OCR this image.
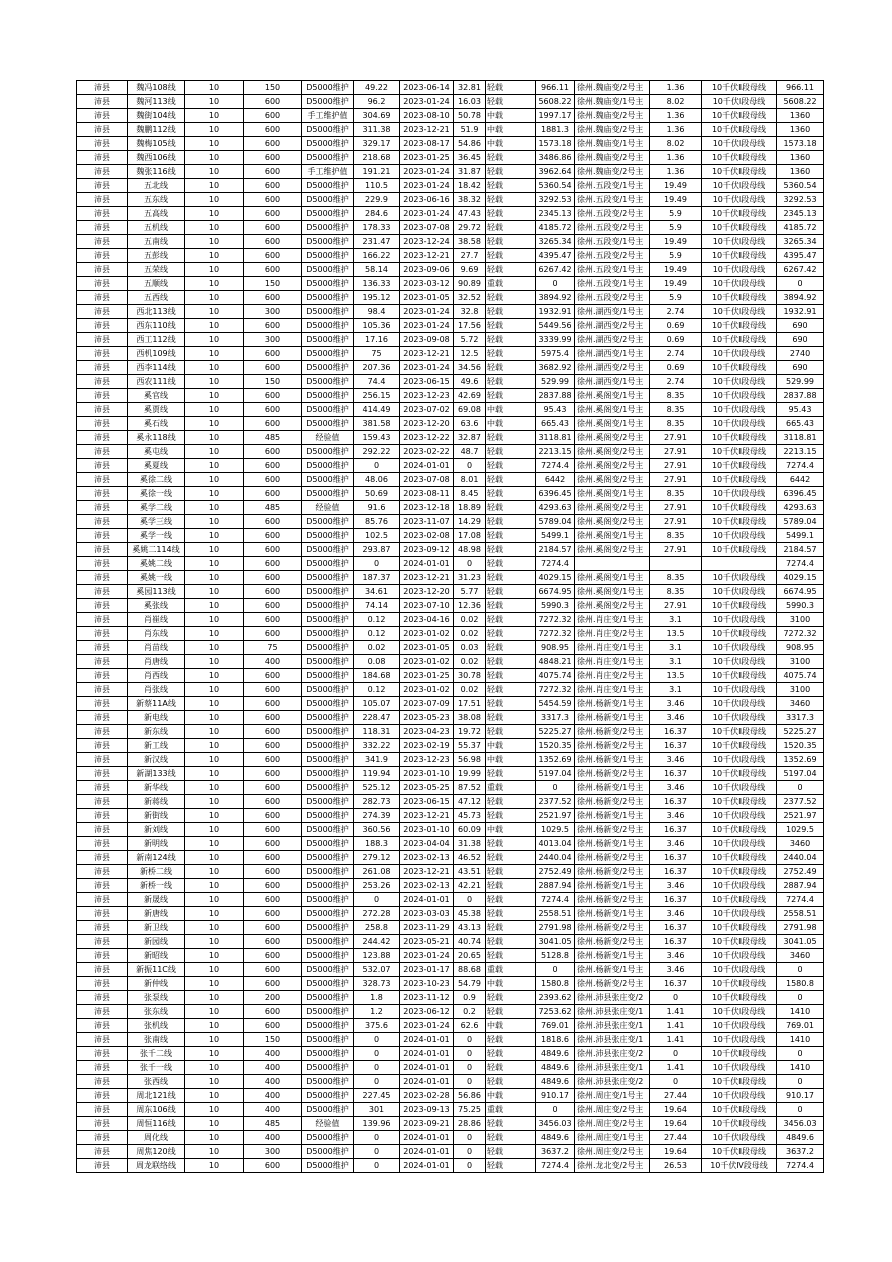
沛县	魏冯108线	10	150	D5000维护	49.22	2023-06-14	32.81	轻载	966.11	徐州.魏庙变/2号主	1.36	10千伏Ⅱ段母线	966.11
沛县	魏河113线	10	600	D5000维护	96.2	2023-01-24	16.03	轻载	5608.22	徐州.魏庙变/1号主	8.02	10千伏Ⅰ段母线	5608.22
沛县	魏街104线	10	600	手工维护值	304.69	2023-08-10	50.78	中载	1997.17	徐州.魏庙变/2号主	1.36	10千伏Ⅱ段母线	1360
沛县	魏鹏112线	10	600	D5000维护	311.38	2023-12-21	51.9	中载	1881.3	徐州.魏庙变/2号主	1.36	10千伏Ⅱ段母线	1360
沛县	魏梅105线	10	600	D5000维护	329.17	2023-08-17	54.86	中载	1573.18	徐州.魏庙变/1号主	8.02	10千伏Ⅰ段母线	1573.18
沛县	魏西106线	10	600	D5000维护	218.68	2023-01-25	36.45	轻载	3486.86	徐州.魏庙变/2号主	1.36	10千伏Ⅱ段母线	1360
沛县	魏张116线	10	600	手工维护值	191.21	2023-01-24	31.87	轻载	3962.64	徐州.魏庙变/2号主	1.36	10千伏Ⅱ段母线	1360
沛县	五北线	10	600	D5000维护	110.5	2023-01-24	18.42	轻载	5360.54	徐州.五段变/1号主	19.49	10千伏Ⅰ段母线	5360.54
沛县	五东线	10	600	D5000维护	229.9	2023-06-16	38.32	轻载	3292.53	徐州.五段变/1号主	19.49	10千伏Ⅰ段母线	3292.53
沛县	五高线	10	600	D5000维护	284.6	2023-01-24	47.43	轻载	2345.13	徐州.五段变/2号主	5.9	10千伏Ⅱ段母线	2345.13
沛县	五机线	10	600	D5000维护	178.33	2023-07-08	29.72	轻载	4185.72	徐州.五段变/2号主	5.9	10千伏Ⅱ段母线	4185.72
沛县	五南线	10	600	D5000维护	231.47	2023-12-24	38.58	轻载	3265.34	徐州.五段变/1号主	19.49	10千伏Ⅰ段母线	3265.34
沛县	五彭线	10	600	D5000维护	166.22	2023-12-21	27.7	轻载	4395.47	徐州.五段变/2号主	5.9	10千伏Ⅱ段母线	4395.47
沛县	五荣线	10	600	D5000维护	58.14	2023-09-06	9.69	轻载	6267.42	徐州.五段变/1号主	19.49	10千伏Ⅰ段母线	6267.42
沛县	五顺线	10	150	D5000维护	136.33	2023-03-12	90.89	重载	0	徐州.五段变/1号主	19.49	10千伏Ⅰ段母线	0
沛县	五西线	10	600	D5000维护	195.12	2023-01-05	32.52	轻载	3894.92	徐州.五段变/2号主	5.9	10千伏Ⅱ段母线	3894.92
沛县	西北113线	10	300	D5000维护	98.4	2023-01-24	32.8	轻载	1932.91	徐州.湖西变/1号主	2.74	10千伏Ⅰ段母线	1932.91
沛县	西东110线	10	600	D5000维护	105.36	2023-01-24	17.56	轻载	5449.56	徐州.湖西变/2号主	0.69	10千伏Ⅱ段母线	690
沛县	西工112线	10	300	D5000维护	17.16	2023-09-08	5.72	轻载	3339.99	徐州.湖西变/2号主	0.69	10千伏Ⅱ段母线	690
沛县	西机109线	10	600	D5000维护	75	2023-12-21	12.5	轻载	5975.4	徐州.湖西变/1号主	2.74	10千伏Ⅰ段母线	2740
沛县	西李114线	10	600	D5000维护	207.36	2023-01-24	34.56	轻载	3682.92	徐州.湖西变/2号主	0.69	10千伏Ⅱ段母线	690
沛县	西农111线	10	150	D5000维护	74.4	2023-06-15	49.6	轻载	529.99	徐州.湖西变/1号主	2.74	10千伏Ⅰ段母线	529.99
沛县	奚官线	10	600	D5000维护	256.15	2023-12-23	42.69	轻载	2837.88	徐州.奚阁变/1号主	8.35	10千伏Ⅰ段母线	2837.88
沛县	奚贾线	10	600	D5000维护	414.49	2023-07-02	69.08	中载	95.43	徐州.奚阁变/1号主	8.35	10千伏Ⅰ段母线	95.43
沛县	奚石线	10	600	D5000维护	381.58	2023-12-20	63.6	中载	665.43	徐州.奚阁变/1号主	8.35	10千伏Ⅰ段母线	665.43
沛县	奚永118线	10	485	经验值	159.43	2023-12-22	32.87	轻载	3118.81	徐州.奚阁变/2号主	27.91	10千伏Ⅱ段母线	3118.81
沛县	奚屯线	10	600	D5000维护	292.22	2023-02-22	48.7	轻载	2213.15	徐州.奚阁变/2号主	27.91	10千伏Ⅱ段母线	2213.15
沛县	奚夏线	10	600	D5000维护	0	2024-01-01	0	轻载	7274.4	徐州.奚阁变/2号主	27.91	10千伏Ⅱ段母线	7274.4
沛县	奚徐二线	10	600	D5000维护	48.06	2023-07-08	8.01	轻载	6442	徐州.奚阁变/2号主	27.91	10千伏Ⅱ段母线	6442
沛县	奚徐一线	10	600	D5000维护	50.69	2023-08-11	8.45	轻载	6396.45	徐州.奚阁变/1号主	8.35	10千伏Ⅰ段母线	6396.45
沛县	奚学二线	10	485	经验值	91.6	2023-12-18	18.89	轻载	4293.63	徐州.奚阁变/2号主	27.91	10千伏Ⅱ段母线	4293.63
沛县	奚学三线	10	600	D5000维护	85.76	2023-11-07	14.29	轻载	5789.04	徐州.奚阁变/2号主	27.91	10千伏Ⅱ段母线	5789.04
沛县	奚学一线	10	600	D5000维护	102.5	2023-02-08	17.08	轻载	5499.1	徐州.奚阁变/1号主	8.35	10千伏Ⅰ段母线	5499.1
沛县	奚姚二114线	10	600	D5000维护	293.87	2023-09-12	48.98	轻载	2184.57	徐州.奚阁变/2号主	27.91	10千伏Ⅱ段母线	2184.57
沛县	奚姚二线	10	600	D5000维护	0	2024-01-01	0	轻载	7274.4				7274.4
沛县	奚姚一线	10	600	D5000维护	187.37	2023-12-21	31.23	轻载	4029.15	徐州.奚阁变/1号主	8.35	10千伏Ⅰ段母线	4029.15
沛县	奚园113线	10	600	D5000维护	34.61	2023-12-20	5.77	轻载	6674.95	徐州.奚阁变/1号主	8.35	10千伏Ⅰ段母线	6674.95
沛县	奚张线	10	600	D5000维护	74.14	2023-07-10	12.36	轻载	5990.3	徐州.奚阁变/2号主	27.91	10千伏Ⅱ段母线	5990.3
沛县	肖崔线	10	600	D5000维护	0.12	2023-04-16	0.02	轻载	7272.32	徐州.肖庄变/1号主	3.1	10千伏Ⅰ段母线	3100
沛县	肖东线	10	600	D5000维护	0.12	2023-01-02	0.02	轻载	7272.32	徐州.肖庄变/2号主	13.5	10千伏Ⅱ段母线	7272.32
沛县	肖苗线	10	75	D5000维护	0.02	2023-01-05	0.03	轻载	908.95	徐州.肖庄变/1号主	3.1	10千伏Ⅰ段母线	908.95
沛县	肖唐线	10	400	D5000维护	0.08	2023-01-02	0.02	轻载	4848.21	徐州.肖庄变/1号主	3.1	10千伏Ⅰ段母线	3100
沛县	肖西线	10	600	D5000维护	184.68	2023-01-25	30.78	轻载	4075.74	徐州.肖庄变/2号主	13.5	10千伏Ⅱ段母线	4075.74
沛县	肖张线	10	600	D5000维护	0.12	2023-01-02	0.02	轻载	7272.32	徐州.肖庄变/1号主	3.1	10千伏Ⅰ段母线	3100
沛县	新蔡11A线	10	600	D5000维护	105.07	2023-07-09	17.51	轻载	5454.59	徐州.杨新变/1号主	3.46	10千伏Ⅰ段母线	3460
沛县	新电线	10	600	D5000维护	228.47	2023-05-23	38.08	轻载	3317.3	徐州.杨新变/1号主	3.46	10千伏Ⅰ段母线	3317.3
沛县	新东线	10	600	D5000维护	118.31	2023-04-23	19.72	轻载	5225.27	徐州.杨新变/2号主	16.37	10千伏Ⅱ段母线	5225.27
沛县	新工线	10	600	D5000维护	332.22	2023-02-19	55.37	中载	1520.35	徐州.杨新变/2号主	16.37	10千伏Ⅱ段母线	1520.35
沛县	新汉线	10	600	D5000维护	341.9	2023-12-23	56.98	中载	1352.69	徐州.杨新变/1号主	3.46	10千伏Ⅰ段母线	1352.69
沛县	新湖133线	10	600	D5000维护	119.94	2023-01-10	19.99	轻载	5197.04	徐州.杨新变/2号主	16.37	10千伏Ⅱ段母线	5197.04
沛县	新华线	10	600	D5000维护	525.12	2023-05-25	87.52	重载	0	徐州.杨新变/1号主	3.46	10千伏Ⅰ段母线	0
沛县	新蒋线	10	600	D5000维护	282.73	2023-06-15	47.12	轻载	2377.52	徐州.杨新变/2号主	16.37	10千伏Ⅱ段母线	2377.52
沛县	新街线	10	600	D5000维护	274.39	2023-12-21	45.73	轻载	2521.97	徐州.杨新变/1号主	3.46	10千伏Ⅰ段母线	2521.97
沛县	新刘线	10	600	D5000维护	360.56	2023-01-10	60.09	中载	1029.5	徐州.杨新变/2号主	16.37	10千伏Ⅱ段母线	1029.5
沛县	新明线	10	600	D5000维护	188.3	2023-04-04	31.38	轻载	4013.04	徐州.杨新变/1号主	3.46	10千伏Ⅰ段母线	3460
沛县	新南124线	10	600	D5000维护	279.12	2023-02-13	46.52	轻载	2440.04	徐州.杨新变/2号主	16.37	10千伏Ⅱ段母线	2440.04
沛县	新桥二线	10	600	D5000维护	261.08	2023-12-21	43.51	轻载	2752.49	徐州.杨新变/2号主	16.37	10千伏Ⅱ段母线	2752.49
沛县	新桥一线	10	600	D5000维护	253.26	2023-02-13	42.21	轻载	2887.94	徐州.杨新变/1号主	3.46	10千伏Ⅰ段母线	2887.94
沛县	新晟线	10	600	D5000维护	0	2024-01-01	0	轻载	7274.4	徐州.杨新变/2号主	16.37	10千伏Ⅱ段母线	7274.4
沛县	新唐线	10	600	D5000维护	272.28	2023-03-03	45.38	轻载	2558.51	徐州.杨新变/1号主	3.46	10千伏Ⅰ段母线	2558.51
沛县	新卫线	10	600	D5000维护	258.8	2023-11-29	43.13	轻载	2791.98	徐州.杨新变/2号主	16.37	10千伏Ⅱ段母线	2791.98
沛县	新园线	10	600	D5000维护	244.42	2023-05-21	40.74	轻载	3041.05	徐州.杨新变/2号主	16.37	10千伏Ⅱ段母线	3041.05
沛县	新昭线	10	600	D5000维护	123.88	2023-01-24	20.65	轻载	5128.8	徐州.杨新变/1号主	3.46	10千伏Ⅰ段母线	3460
沛县	新振11C线	10	600	D5000维护	532.07	2023-01-17	88.68	重载	0	徐州.杨新变/1号主	3.46	10千伏Ⅰ段母线	0
沛县	新仲线	10	600	D5000维护	328.73	2023-10-23	54.79	中载	1580.8	徐州.杨新变/2号主	16.37	10千伏Ⅱ段母线	1580.8
沛县	张泵线	10	200	D5000维护	1.8	2023-11-12	0.9	轻载	2393.62	徐州.沛县张庄变/2	0	10千伏Ⅱ段母线	0
沛县	张东线	10	600	D5000维护	1.2	2023-06-12	0.2	轻载	7253.62	徐州.沛县张庄变/1	1.41	10千伏Ⅰ段母线	1410
沛县	张机线	10	600	D5000维护	375.6	2023-01-24	62.6	中载	769.01	徐州.沛县张庄变/1	1.41	10千伏Ⅰ段母线	769.01
沛县	张南线	10	150	D5000维护	0	2024-01-01	0	轻载	1818.6	徐州.沛县张庄变/1	1.41	10千伏Ⅰ段母线	1410
沛县	张千二线	10	400	D5000维护	0	2024-01-01	0	轻载	4849.6	徐州.沛县张庄变/2	0	10千伏Ⅱ段母线	0
沛县	张千一线	10	400	D5000维护	0	2024-01-01	0	轻载	4849.6	徐州.沛县张庄变/1	1.41	10千伏Ⅰ段母线	1410
沛县	张西线	10	400	D5000维护	0	2024-01-01	0	轻载	4849.6	徐州.沛县张庄变/2	0	10千伏Ⅱ段母线	0
沛县	周北121线	10	400	D5000维护	227.45	2023-02-28	56.86	中载	910.17	徐州.周庄变/1号主	27.44	10千伏Ⅰ段母线	910.17
沛县	周东106线	10	400	D5000维护	301	2023-09-13	75.25	重载	0	徐州.周庄变/2号主	19.64	10千伏Ⅱ段母线	0
沛县	周恒116线	10	485	经验值	139.96	2023-09-21	28.86	轻载	3456.03	徐州.周庄变/2号主	19.64	10千伏Ⅱ段母线	3456.03
沛县	周化线	10	400	D5000维护	0	2024-01-01	0	轻载	4849.6	徐州.周庄变/1号主	27.44	10千伏Ⅰ段母线	4849.6
沛县	周焦120线	10	300	D5000维护	0	2024-01-01	0	轻载	3637.2	徐州.周庄变/2号主	19.64	10千伏Ⅱ段母线	3637.2
沛县	周龙联络线	10	600	D5000维护	0	2024-01-01	0	轻载	7274.4	徐州.龙北变/2号主	26.53	10千伏Ⅳ段母线	7274.4
